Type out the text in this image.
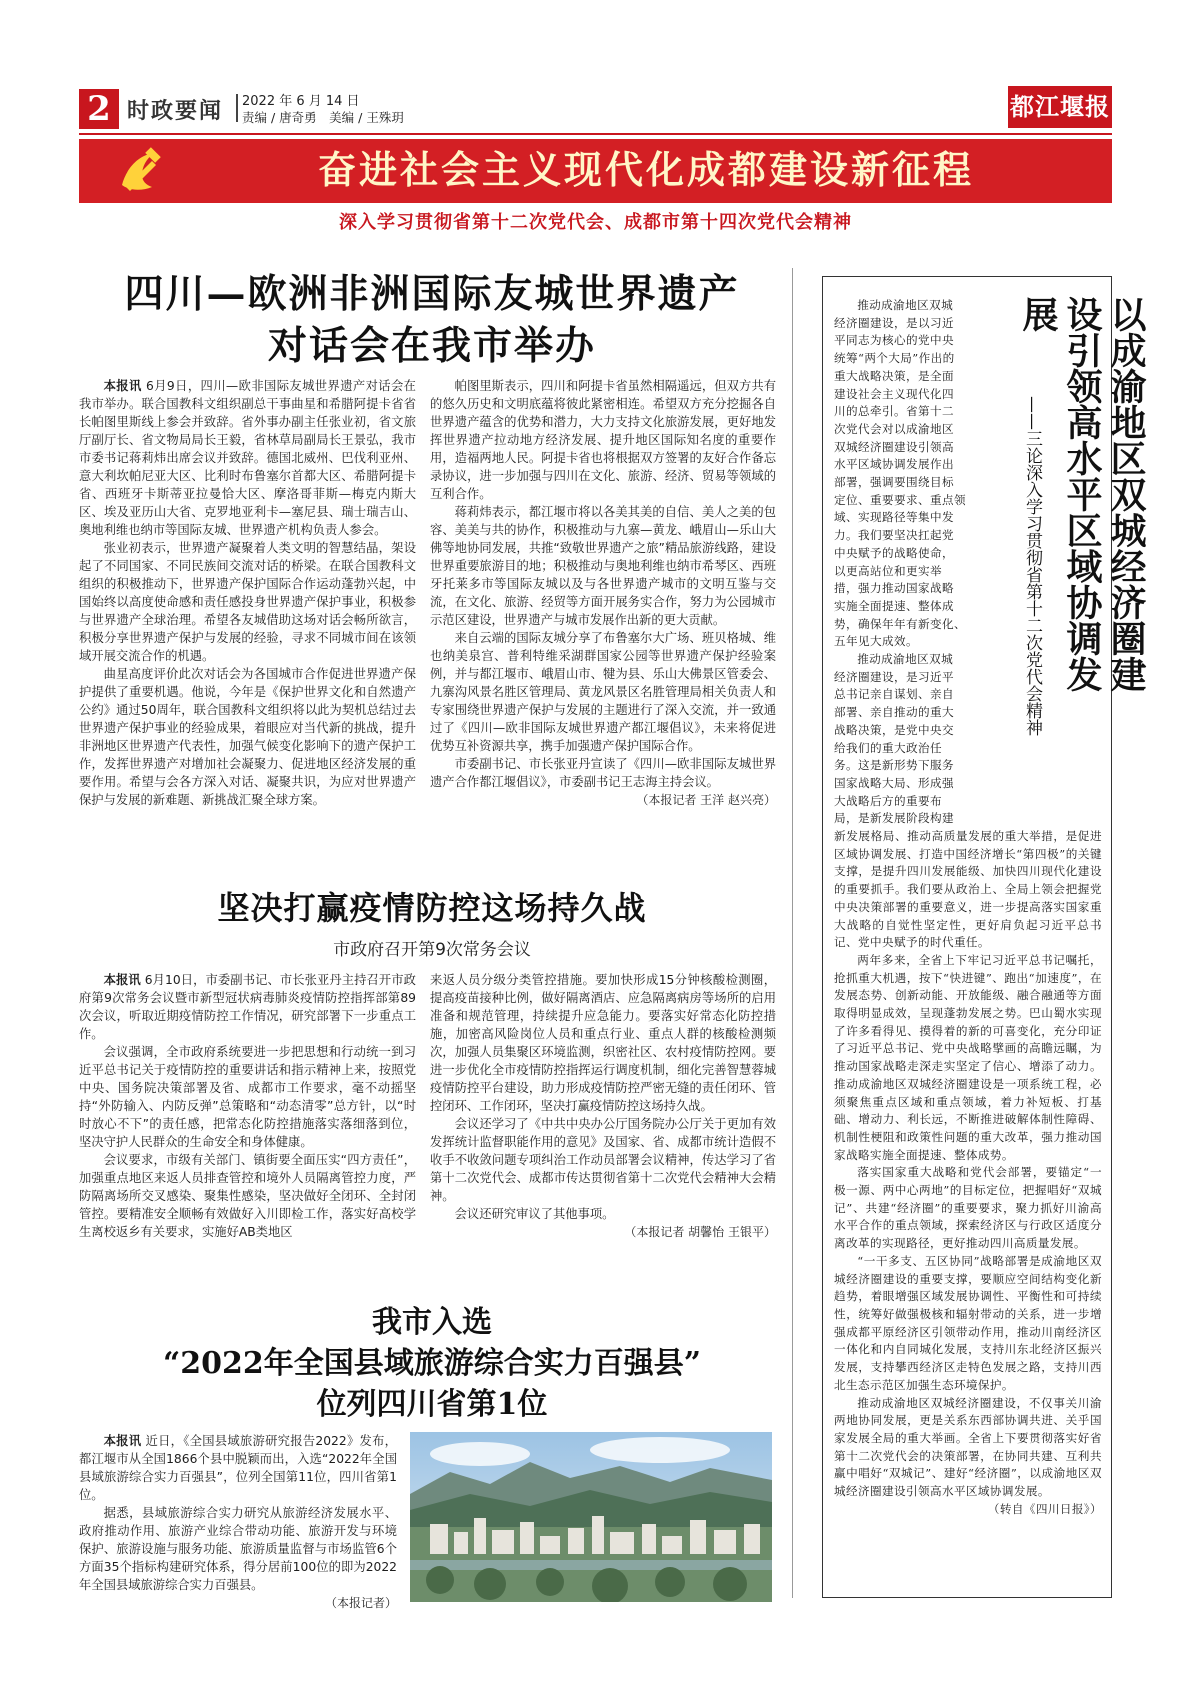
2 时政要闻 2022 年 6 月 14 日
责编 / 唐奇勇　美编 / 王殊玥	都江堰报
奋进社会主义现代化成都建设新征程
深入学习贯彻省第十二次党代会、成都市第十四次党代会精神
四川—欧洲非洲国际友城世界遗产
对话会在我市举办

本报讯 6月9日，四川—欧非国际友城世界遗产对话会在我市举办。联合国教科文组织副总干事曲星和希腊阿提卡省省长帕图里斯线上参会并致辞。省外事办副主任张业初，省文旅厅副厅长、省文物局局长王毅，省林草局副局长王景弘，我市市委书记蒋莉炜出席会议并致辞。德国北威州、巴伐利亚州、意大利坎帕尼亚大区、比利时布鲁塞尔首都大区、希腊阿提卡省、西班牙卡斯蒂亚拉曼恰大区、摩洛哥菲斯—梅克内斯大区、埃及亚历山大省、克罗地亚利卡—塞尼县、瑞士瑞吉山、奥地利维也纳市等国际友城、世界遗产机构负责人参会。

张业初表示，世界遗产凝聚着人类文明的智慧结晶，架设起了不同国家、不同民族间交流对话的桥梁。在联合国教科文组织的积极推动下，世界遗产保护国际合作运动蓬勃兴起，中国始终以高度使命感和责任感投身世界遗产保护事业，积极参与世界遗产全球治理。希望各友城借助这场对话会畅所欲言，积极分享世界遗产保护与发展的经验，寻求不同城市间在该领域开展交流合作的机遇。

曲星高度评价此次对话会为各国城市合作促进世界遗产保护提供了重要机遇。他说，今年是《保护世界文化和自然遗产公约》通过50周年，联合国教科文组织将以此为契机总结过去世界遗产保护事业的经验成果，着眼应对当代新的挑战，提升非洲地区世界遗产代表性，加强气候变化影响下的遗产保护工作，发挥世界遗产对增加社会凝聚力、促进地区经济发展的重要作用。希望与会各方深入对话、凝聚共识，为应对世界遗产保护与发展的新难题、新挑战汇聚全球方案。

帕图里斯表示，四川和阿提卡省虽然相隔遥远，但双方共有的悠久历史和文明底蕴将彼此紧密相连。希望双方充分挖掘各自世界遗产蕴含的优势和潜力，大力支持文化旅游发展，更好地发挥世界遗产拉动地方经济发展、提升地区国际知名度的重要作用，造福两地人民。阿提卡省也将根据双方签署的友好合作备忘录协议，进一步加强与四川在文化、旅游、经济、贸易等领域的互利合作。

蒋莉炜表示，都江堰市将以各美其美的自信、美人之美的包容、美美与共的协作，积极推动与九寨—黄龙、峨眉山—乐山大佛等地协同发展，共推“致敬世界遗产之旅”精品旅游线路，建设世界重要旅游目的地；积极推动与奥地利维也纳市希琴区、西班牙托莱多市等国际友城以及与各世界遗产城市的文明互鉴与交流，在文化、旅游、经贸等方面开展务实合作，努力为公园城市示范区建设，世界遗产与城市发展作出新的更大贡献。

来自云端的国际友城分享了布鲁塞尔大广场、班贝格城、维也纳美泉宫、普利特维采湖群国家公园等世界遗产保护经验案例，并与都江堰市、峨眉山市、犍为县、乐山大佛景区管委会、九寨沟风景名胜区管理局、黄龙风景区名胜管理局相关负责人和专家围绕世界遗产保护与发展的主题进行了深入交流，并一致通过了《四川—欧非国际友城世界遗产都江堰倡议》，未来将促进优势互补资源共享，携手加强遗产保护国际合作。

市委副书记、市长张亚丹宣读了《四川—欧非国际友城世界遗产合作都江堰倡议》，市委副书记王志海主持会议。

（本报记者 王洋 赵兴亮）
坚决打赢疫情防控这场持久战
市政府召开第9次常务会议

本报讯 6月10日，市委副书记、市长张亚丹主持召开市政府第9次常务会议暨市新型冠状病毒肺炎疫情防控指挥部第89次会议，听取近期疫情防控工作情况，研究部署下一步重点工作。

会议强调，全市政府系统要进一步把思想和行动统一到习近平总书记关于疫情防控的重要讲话和指示精神上来，按照党中央、国务院决策部署及省、成都市工作要求，毫不动摇坚持“外防输入、内防反弹”总策略和“动态清零”总方针，以“时时放心不下”的责任感，把常态化防控措施落实落细落到位，坚决守护人民群众的生命安全和身体健康。

会议要求，市级有关部门、镇街要全面压实“四方责任”，加强重点地区来返人员排查管控和境外人员隔离管控力度，严防隔离场所交叉感染、聚集性感染，坚决做好全闭环、全封闭管控。要精准安全顺畅有效做好入川即检工作，落实好高校学生离校返乡有关要求，实施好AB类地区

来返人员分级分类管控措施。要加快形成15分钟核酸检测圈，提高疫苗接种比例，做好隔离酒店、应急隔离病房等场所的启用准备和规范管理，持续提升应急能力。要落实好常态化防控措施，加密高风险岗位人员和重点行业、重点人群的核酸检测频次，加强人员集聚区环境监测，织密社区、农村疫情防控网。要进一步优化全市疫情防控指挥运行调度机制，细化完善智慧蓉城疫情防控平台建设，助力形成疫情防控严密无缝的责任闭环、管控闭环、工作闭环，坚决打赢疫情防控这场持久战。

会议还学习了《中共中央办公厅国务院办公厅关于更加有效发挥统计监督职能作用的意见》及国家、省、成都市统计造假不收手不收敛问题专项纠治工作动员部署会议精神，传达学习了省第十二次党代会、成都市传达贯彻省第十二次党代会精神大会精神。

会议还研究审议了其他事项。

（本报记者 胡馨怡 王银平）
我市入选
“2022年全国县域旅游综合实力百强县”
位列四川省第1位

本报讯 近日，《全国县域旅游研究报告2022》发布，都江堰市从全国1866个县中脱颖而出，入选“2022年全国县域旅游综合实力百强县”，位列全国第11位，四川省第1位。

据悉，县域旅游综合实力研究从旅游经济发展水平、政府推动作用、旅游产业综合带动功能、旅游开发与环境保护、旅游设施与服务功能、旅游质量监督与市场监管6个方面35个指标构建研究体系，得分居前100位的即为2022年全国县域旅游综合实力百强县。

（本报记者）
以成渝地区双城经济圈建设引领高水平区域协调发展
——三论深入学习贯彻省第十二次党代会精神
推动成渝地区双城
经济圈建设，是以习近
平同志为核心的党中央
统筹“两个大局”作出的
重大战略决策，是全面
建设社会主义现代化四
川的总牵引。省第十二
次党代会对以成渝地区
双城经济圈建设引领高
水平区域协调发展作出
部署，强调要围绕目标
定位、重要要求、重点领
域、实现路径等集中发
力。我们要坚决扛起党
中央赋予的战略使命，
以更高站位和更实举
措，强力推动国家战略
实施全面提速、整体成
势，确保年年有新变化、
五年见大成效。
推动成渝地区双城
经济圈建设，是习近平
总书记亲自谋划、亲自
部署、亲自推动的重大
战略决策，是党中央交
给我们的重大政治任
务。这是新形势下服务
国家战略大局、形成强
大战略后方的重要布
局，是新发展阶段构建

新发展格局、推动高质量发展的重大举措，是促进区域协调发展、打造中国经济增长“第四极”的关键支撑，是提升四川发展能级、加快四川现代化建设的重要抓手。我们要从政治上、全局上领会把握党中央决策部署的重要意义，进一步提高落实国家重大战略的自觉性坚定性，更好肩负起习近平总书记、党中央赋予的时代重任。

两年多来，全省上下牢记习近平总书记嘱托，抢抓重大机遇，按下“快进键”、跑出“加速度”，在发展态势、创新动能、开放能级、融合融通等方面取得明显成效，呈现蓬勃发展之势。巴山蜀水实现了许多看得见、摸得着的新的可喜变化，充分印证了习近平总书记、党中央战略擘画的高瞻远瞩，为推动国家战略走深走实坚定了信心、增添了动力。推动成渝地区双城经济圈建设是一项系统工程，必须聚焦重点区域和重点领域，着力补短板、打基础、增动力、利长远，不断推进破解体制性障碍、机制性梗阻和政策性问题的重大改革，强力推动国家战略实施全面提速、整体成势。

落实国家重大战略和党代会部署，要锚定“一极一源、两中心两地”的目标定位，把握唱好“双城记”、共建“经济圈”的重要要求，聚力抓好川渝高水平合作的重点领域，探索经济区与行政区适度分离改革的实现路径，更好推动四川高质量发展。

“一干多支、五区协同”战略部署是成渝地区双城经济圈建设的重要支撑，要顺应空间结构变化新趋势，着眼增强区域发展协调性、平衡性和可持续性，统筹好做强极核和辐射带动的关系，进一步增强成都平原经济区引领带动作用，推动川南经济区一体化和内自同城化发展，支持川东北经济区振兴发展，支持攀西经济区走特色发展之路，支持川西北生态示范区加强生态环境保护。

推动成渝地区双城经济圈建设，不仅事关川渝两地协同发展，更是关系东西部协调共进、关乎国家发展全局的重大举画。全省上下要贯彻落实好省第十二次党代会的决策部署，在协同共建、互利共赢中唱好“双城记”、建好“经济圈”，以成渝地区双城经济圈建设引领高水平区域协调发展。

（转自《四川日报》）
